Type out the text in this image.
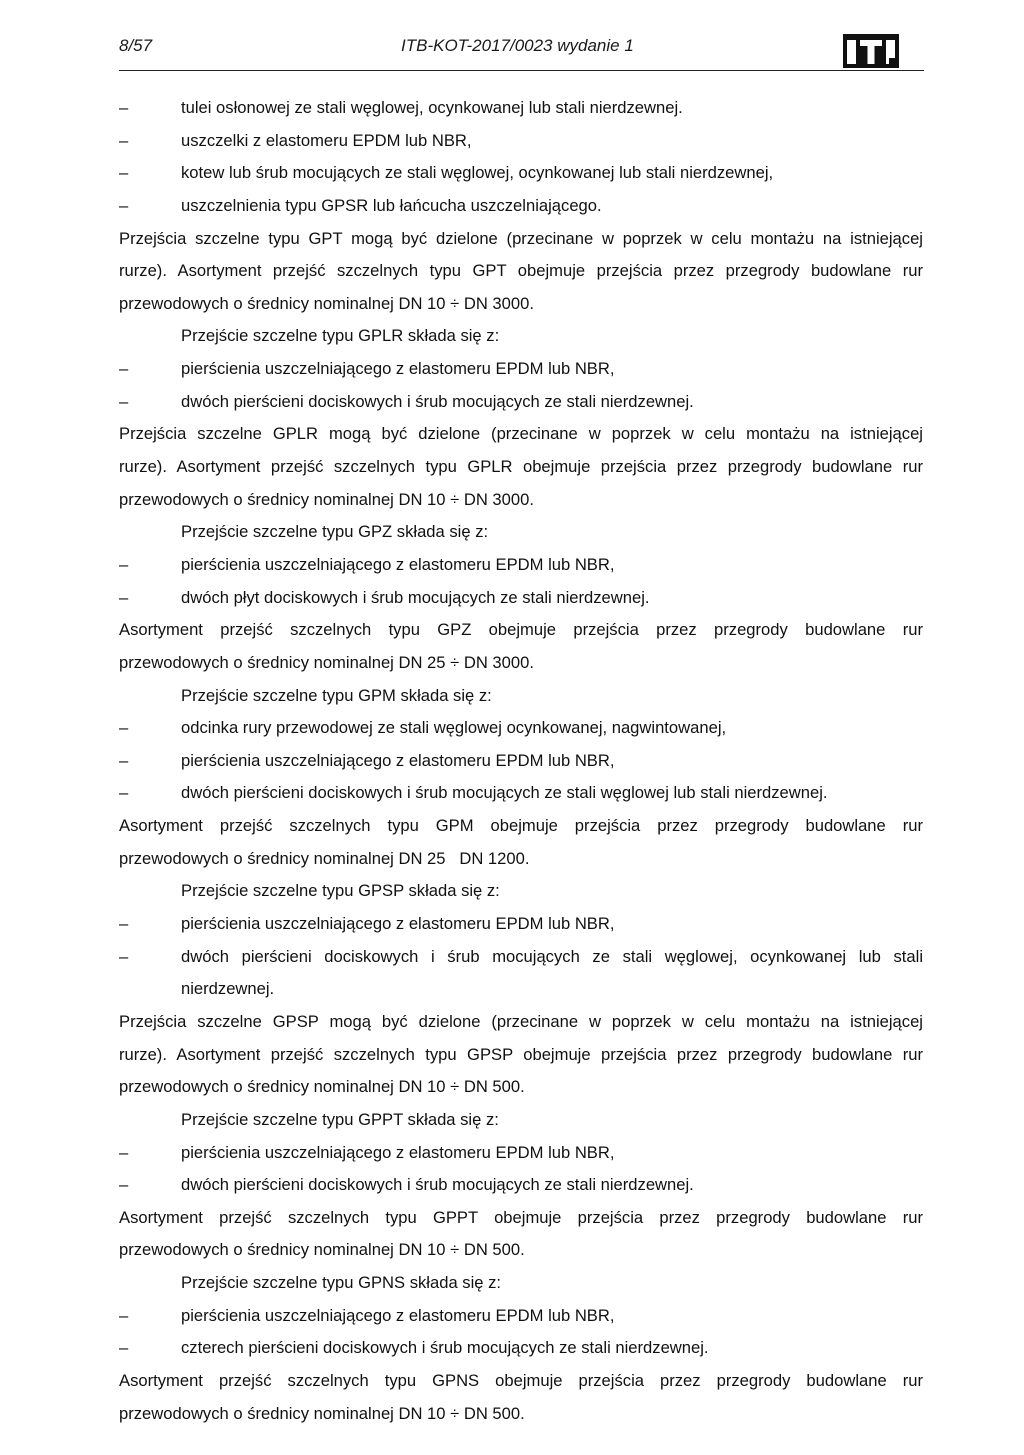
8/57	ITB-KOT-2017/0023 wydanie 1
–	tulei osłonowej ze stali węglowej, ocynkowanej lub stali nierdzewnej.
–	uszczelki z elastomeru EPDM lub NBR,
–	kotew lub śrub mocujących ze stali węglowej, ocynkowanej lub stali nierdzewnej,
–	uszczelnienia typu GPSR lub łańcucha uszczelniającego.
Przejścia szczelne typu GPT mogą być dzielone (przecinane w poprzek w celu montażu na istniejącej
rurze). Asortyment przejść szczelnych typu GPT obejmuje przejścia przez przegrody budowlane rur
przewodowych o średnicy nominalnej DN 10 ÷ DN 3000.
Przejście szczelne typu GPLR składa się z:
–	pierścienia uszczelniającego z elastomeru EPDM lub NBR,
–	dwóch pierścieni dociskowych i śrub mocujących ze stali nierdzewnej.
Przejścia szczelne GPLR mogą być dzielone (przecinane w poprzek w celu montażu na istniejącej
rurze). Asortyment przejść szczelnych typu GPLR obejmuje przejścia przez przegrody budowlane rur
przewodowych o średnicy nominalnej DN 10 ÷ DN 3000.
Przejście szczelne typu GPZ składa się z:
–	pierścienia uszczelniającego z elastomeru EPDM lub NBR,
–	dwóch płyt dociskowych i śrub mocujących ze stali nierdzewnej.
Asortyment przejść szczelnych typu GPZ obejmuje przejścia przez przegrody budowlane rur
przewodowych o średnicy nominalnej DN 25 ÷ DN 3000.
Przejście szczelne typu GPM składa się z:
–	odcinka rury przewodowej ze stali węglowej ocynkowanej, nagwintowanej,
–	pierścienia uszczelniającego z elastomeru EPDM lub NBR,
–	dwóch pierścieni dociskowych i śrub mocujących ze stali węglowej lub stali nierdzewnej.
Asortyment przejść szczelnych typu GPM obejmuje przejścia przez przegrody budowlane rur
przewodowych o średnicy nominalnej DN 25   DN 1200.
Przejście szczelne typu GPSP składa się z:
–	pierścienia uszczelniającego z elastomeru EPDM lub NBR,
–	dwóch pierścieni dociskowych i śrub mocujących ze stali węglowej, ocynkowanej lub stali
nierdzewnej.
Przejścia szczelne GPSP mogą być dzielone (przecinane w poprzek w celu montażu na istniejącej
rurze). Asortyment przejść szczelnych typu GPSP obejmuje przejścia przez przegrody budowlane rur
przewodowych o średnicy nominalnej DN 10 ÷ DN 500.
Przejście szczelne typu GPPT składa się z:
–	pierścienia uszczelniającego z elastomeru EPDM lub NBR,
–	dwóch pierścieni dociskowych i śrub mocujących ze stali nierdzewnej.
Asortyment przejść szczelnych typu GPPT obejmuje przejścia przez przegrody budowlane rur
przewodowych o średnicy nominalnej DN 10 ÷ DN 500.
Przejście szczelne typu GPNS składa się z:
–	pierścienia uszczelniającego z elastomeru EPDM lub NBR,
–	czterech pierścieni dociskowych i śrub mocujących ze stali nierdzewnej.
Asortyment przejść szczelnych typu GPNS obejmuje przejścia przez przegrody budowlane rur
przewodowych o średnicy nominalnej DN 10 ÷ DN 500.
